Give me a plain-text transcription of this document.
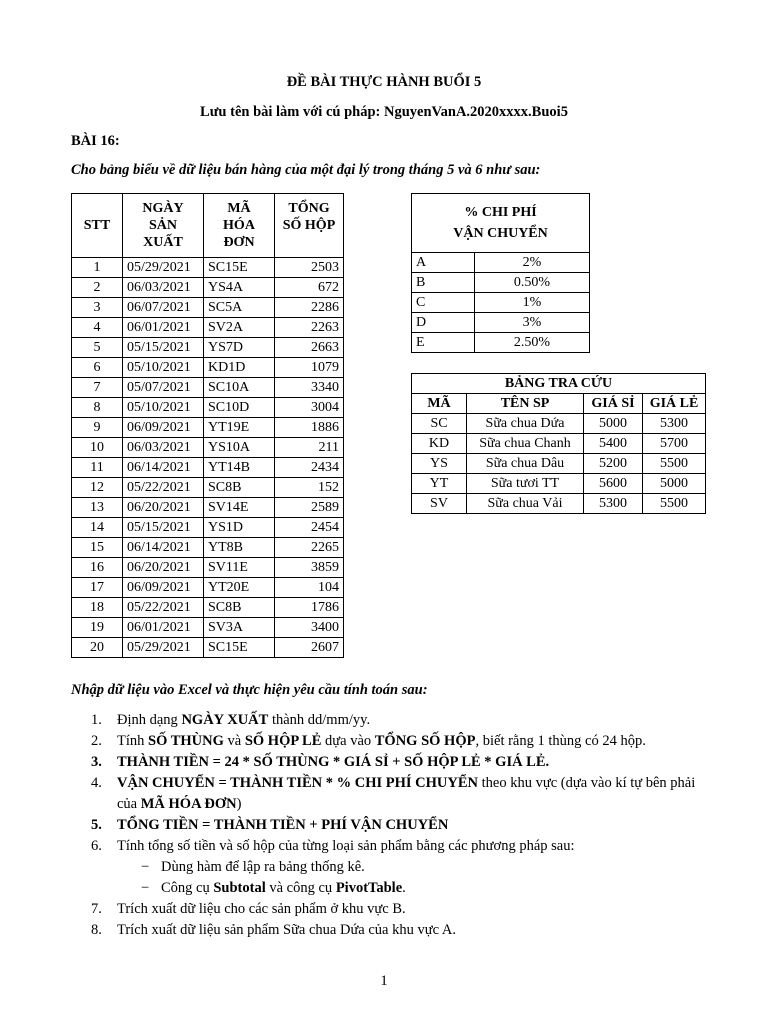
ĐỀ BÀI THỰC HÀNH BUỔI 5
Lưu tên bài làm với cú pháp: NguyenVanA.2020xxxx.Buoi5
BÀI 16:
Cho bảng biểu về dữ liệu bán hàng của một đại lý trong tháng 5 và 6 như sau:
STT	NGÀY SẢN XUẤT	MÃ HÓA ĐƠN	TỔNG SỐ HỘP

1	05/29/2021	SC15E	2503
2	06/03/2021	YS4A	672
3	06/07/2021	SC5A	2286
4	06/01/2021	SV2A	2263
5	05/15/2021	YS7D	2663
6	05/10/2021	KD1D	1079
7	05/07/2021	SC10A	3340
8	05/10/2021	SC10D	3004
9	06/09/2021	YT19E	1886
10	06/03/2021	YS10A	211
11	06/14/2021	YT14B	2434
12	05/22/2021	SC8B	152
13	06/20/2021	SV14E	2589
14	05/15/2021	YS1D	2454
15	06/14/2021	YT8B	2265
16	06/20/2021	SV11E	3859
17	06/09/2021	YT20E	104
18	05/22/2021	SC8B	1786
19	06/01/2021	SV3A	3400
20	05/29/2021	SC15E	2607
% CHI PHÍ
VẬN CHUYỂN	

A	2%
B	0.50%
C	1%
D	3%
E	2.50%
BẢNG TRA CỨU			
MÃ	TÊN SP	GIÁ SỈ	GIÁ LẺ
SC	Sữa chua Dứa	5000	5300
KD	Sữa chua Chanh	5400	5700
YS	Sữa chua Dâu	5200	5500
YT	Sữa tươi TT	5600	5000
SV	Sữa chua Vải	5300	5500
Nhập dữ liệu vào Excel và thực hiện yêu cầu tính toán sau:
1. Định dạng NGÀY XUẤT thành dd/mm/yy.
2. Tính SỐ THÙNG và SỐ HỘP LẺ dựa vào TỔNG SỐ HỘP, biết rằng 1 thùng có 24 hộp.
3. THÀNH TIỀN = 24 * SỐ THÙNG * GIÁ SỈ + SỐ HỘP LẺ * GIÁ LẺ.
4. VẬN CHUYỂN = THÀNH TIỀN * % CHI PHÍ CHUYỂN theo khu vực (dựa vào kí tự bên phải của MÃ HÓA ĐƠN)
5. TỔNG TIỀN = THÀNH TIỀN + PHÍ VẬN CHUYỂN
6. Tính tổng số tiền và số hộp của từng loại sản phẩm bằng các phương pháp sau:
− Dùng hàm để lập ra bảng thống kê.
− Công cụ Subtotal và công cụ PivotTable.
7. Trích xuất dữ liệu cho các sản phẩm ở khu vực B.
8. Trích xuất dữ liệu sản phẩm Sữa chua Dứa của khu vực A.
1
